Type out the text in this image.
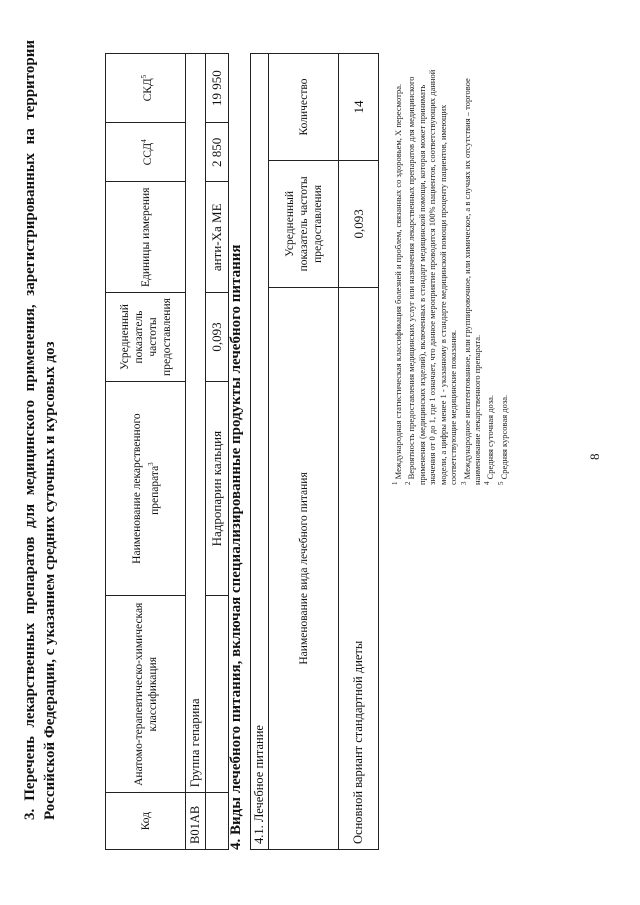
8
3.Перечень лекарственных препаратов для медицинского применения, зарегистрированных на территории Российской Федерации, с указанием средних суточных и курсовых доз
Код	Анатомо-терапевтическо-химическая классификация	Наименование лекарственного препарата$^3$	Усредненный показатель частоты предоставления	Единицы измерения	ССД$^4$	СКД$^5$
B01AB	Группа гепарина					
		Надропарин кальция	0,093	анти-Ха МЕ	2 850	19 950
4. Виды лечебного питания, включая специализированные продукты лечебного питания 4.1. Лечебное питание		
Наименование вида лечебного питания	Усредненный показатель частоты предоставления	Количество
Основной вариант стандартной диеты	0,093	14

$^1$ Международная статистическая классификация болезней и проблем, связанных со здоровьем, X пересмотра.

$^2$ Вероятность предоставления медицинских услуг или назначения лекарственных препаратов для медицинского применения (медицинских изделий), включенных в стандарт медицинской помощи, которая может принимать значения от 0 до 1, где 1 означает, что данное мероприятие проводится 100% пациентов, соответствующих данной модели, а цифры менее 1 - указанному в стандарте медицинской помощи проценту пациентов, имеющих соответствующие медицинские показания. $^3$ Международное непатентованное, или группировочное, или химическое, а в случаях их отсутствия – торговое наименование лекарственного препарата. $^4$ Средняя суточная доза.

$^5$ Средняя курсовая доза.
